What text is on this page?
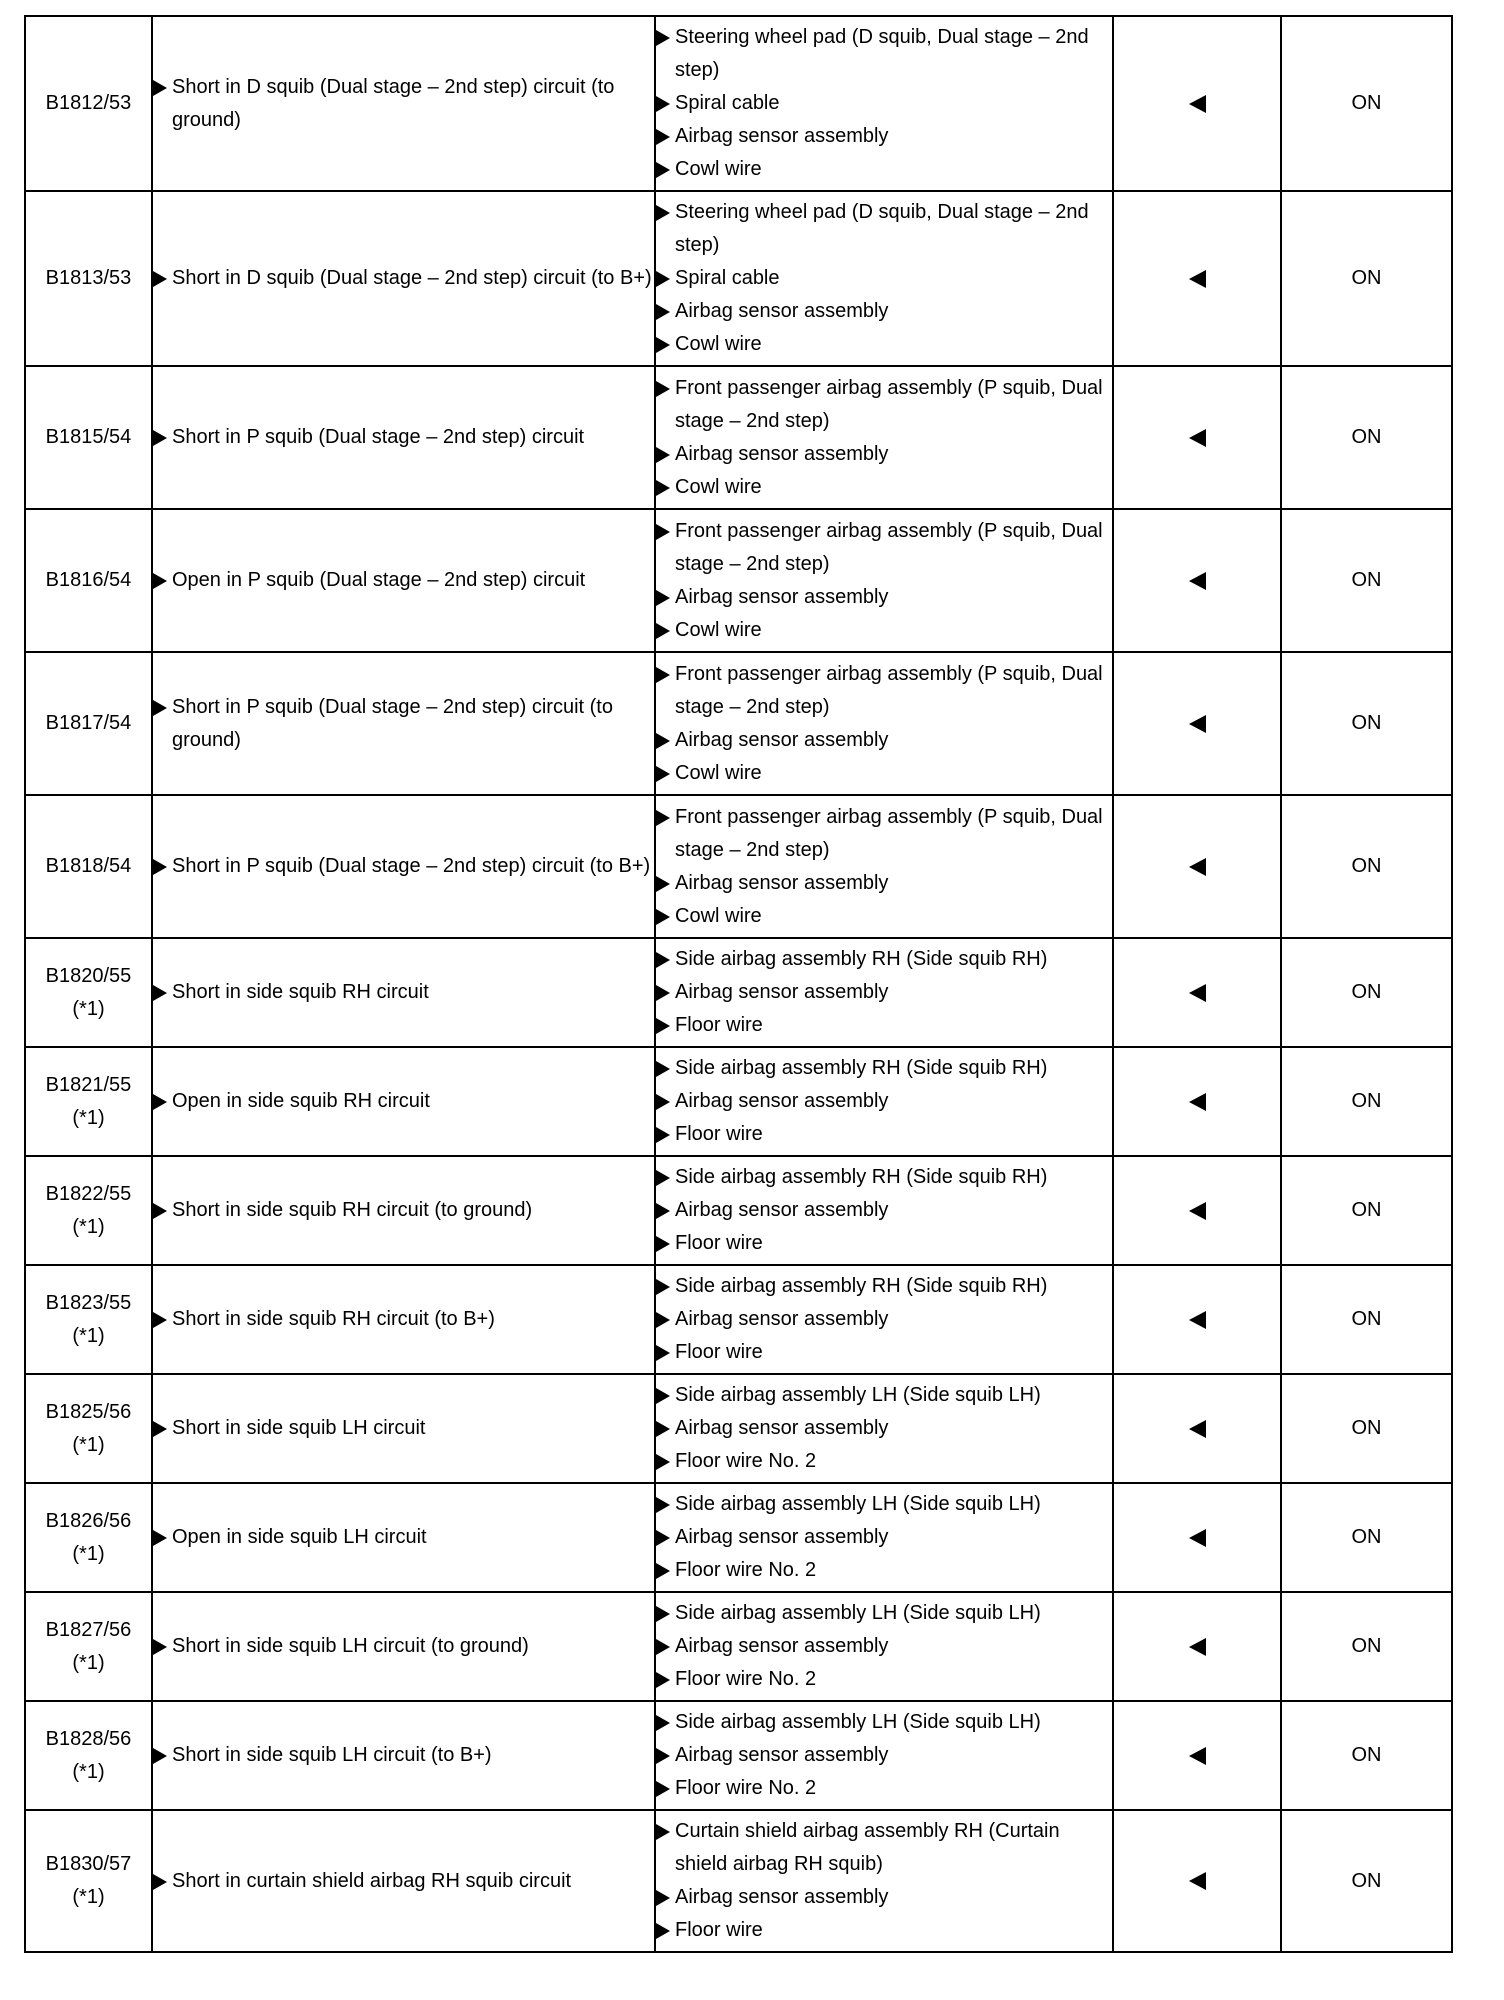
B1812/53	Short in D squib (Dual stage – 2nd step) circuit (to ground)	Steering wheel pad (D squib, Dual stage – 2nd step)
Spiral cable
Airbag sensor assembly
Cowl wire		ON

B1813/53	Short in D squib (Dual stage – 2nd step) circuit (to B+)	Steering wheel pad (D squib, Dual stage – 2nd step)
Spiral cable
Airbag sensor assembly
Cowl wire		ON

B1815/54	Short in P squib (Dual stage – 2nd step) circuit	Front passenger airbag assembly (P squib, Dual stage – 2nd step)
Airbag sensor assembly
Cowl wire		ON

B1816/54	Open in P squib (Dual stage – 2nd step) circuit	Front passenger airbag assembly (P squib, Dual stage – 2nd step)
Airbag sensor assembly
Cowl wire		ON

B1817/54	Short in P squib (Dual stage – 2nd step) circuit (to ground)	Front passenger airbag assembly (P squib, Dual stage – 2nd step)
Airbag sensor assembly
Cowl wire		ON

B1818/54	Short in P squib (Dual stage – 2nd step) circuit (to B+)	Front passenger airbag assembly (P squib, Dual stage – 2nd step)
Airbag sensor assembly
Cowl wire		ON

B1820/55
(*1)	Short in side squib RH circuit	Side airbag assembly RH (Side squib RH)
Airbag sensor assembly
Floor wire		ON

B1821/55
(*1)	Open in side squib RH circuit	Side airbag assembly RH (Side squib RH)
Airbag sensor assembly
Floor wire		ON

B1822/55
(*1)	Short in side squib RH circuit (to ground)	Side airbag assembly RH (Side squib RH)
Airbag sensor assembly
Floor wire		ON

B1823/55
(*1)	Short in side squib RH circuit (to B+)	Side airbag assembly RH (Side squib RH)
Airbag sensor assembly
Floor wire		ON

B1825/56
(*1)	Short in side squib LH circuit	Side airbag assembly LH (Side squib LH)
Airbag sensor assembly
Floor wire No. 2		ON

B1826/56
(*1)	Open in side squib LH circuit	Side airbag assembly LH (Side squib LH)
Airbag sensor assembly
Floor wire No. 2		ON

B1827/56
(*1)	Short in side squib LH circuit (to ground)	Side airbag assembly LH (Side squib LH)
Airbag sensor assembly
Floor wire No. 2		ON

B1828/56
(*1)	Short in side squib LH circuit (to B+)	Side airbag assembly LH (Side squib LH)
Airbag sensor assembly
Floor wire No. 2		ON

B1830/57
(*1)	Short in curtain shield airbag RH squib circuit	Curtain shield airbag assembly RH (Curtain shield airbag RH squib)
Airbag sensor assembly
Floor wire		ON
